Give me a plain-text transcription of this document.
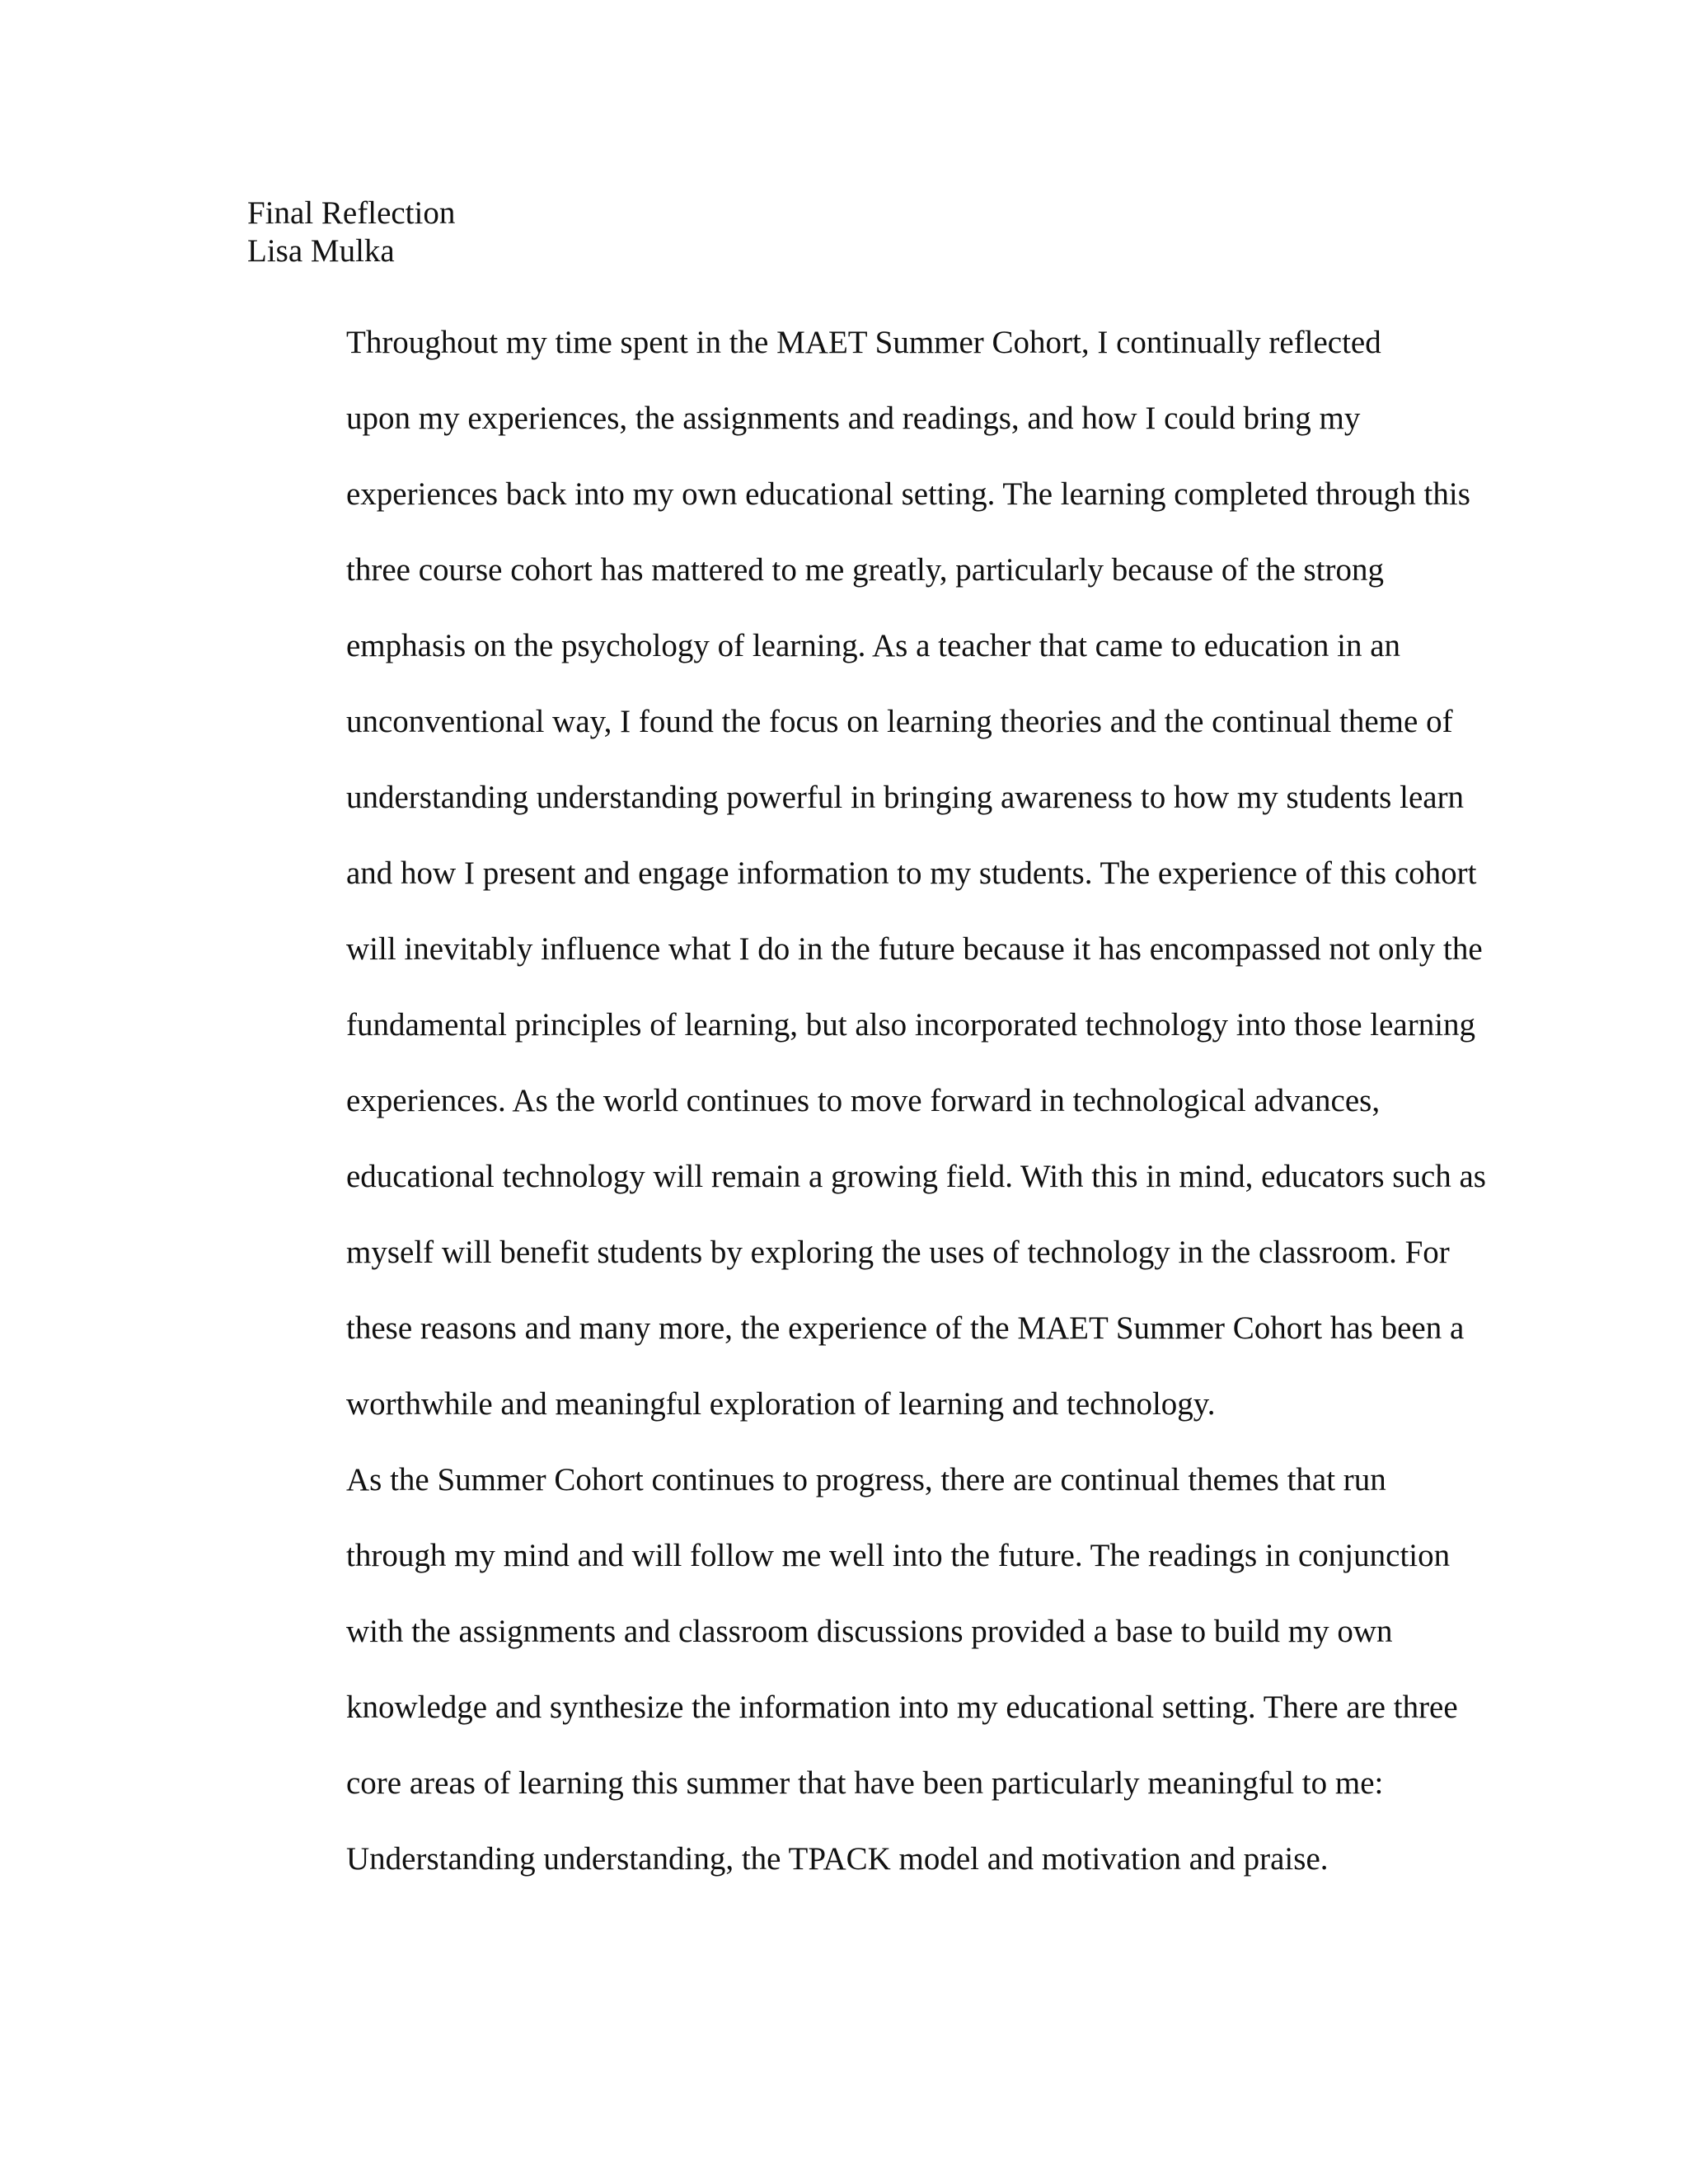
Final Reflection

Lisa Mulka

Throughout my time spent in the MAET Summer Cohort, I continually reflected
upon my experiences, the assignments and readings, and how I could bring my
experiences back into my own educational setting. The learning completed through this
three course cohort has mattered to me greatly, particularly because of the strong
emphasis on the psychology of learning. As a teacher that came to education in an
unconventional way, I found the focus on learning theories and the continual theme of
understanding understanding powerful in bringing awareness to how my students learn
and how I present and engage information to my students. The experience of this cohort
will inevitably influence what I do in the future because it has encompassed not only the
fundamental principles of learning, but also incorporated technology into those learning
experiences. As the world continues to move forward in technological advances,
educational technology will remain a growing field. With this in mind, educators such as
myself will benefit students by exploring the uses of technology in the classroom. For
these reasons and many more, the experience of the MAET Summer Cohort has been a
worthwhile and meaningful exploration of learning and technology.

As the Summer Cohort continues to progress, there are continual themes that run
through my mind and will follow me well into the future. The readings in conjunction
with the assignments and classroom discussions provided a base to build my own
knowledge and synthesize the information into my educational setting. There are three
core areas of learning this summer that have been particularly meaningful to me:
Understanding understanding, the TPACK model and motivation and praise.
